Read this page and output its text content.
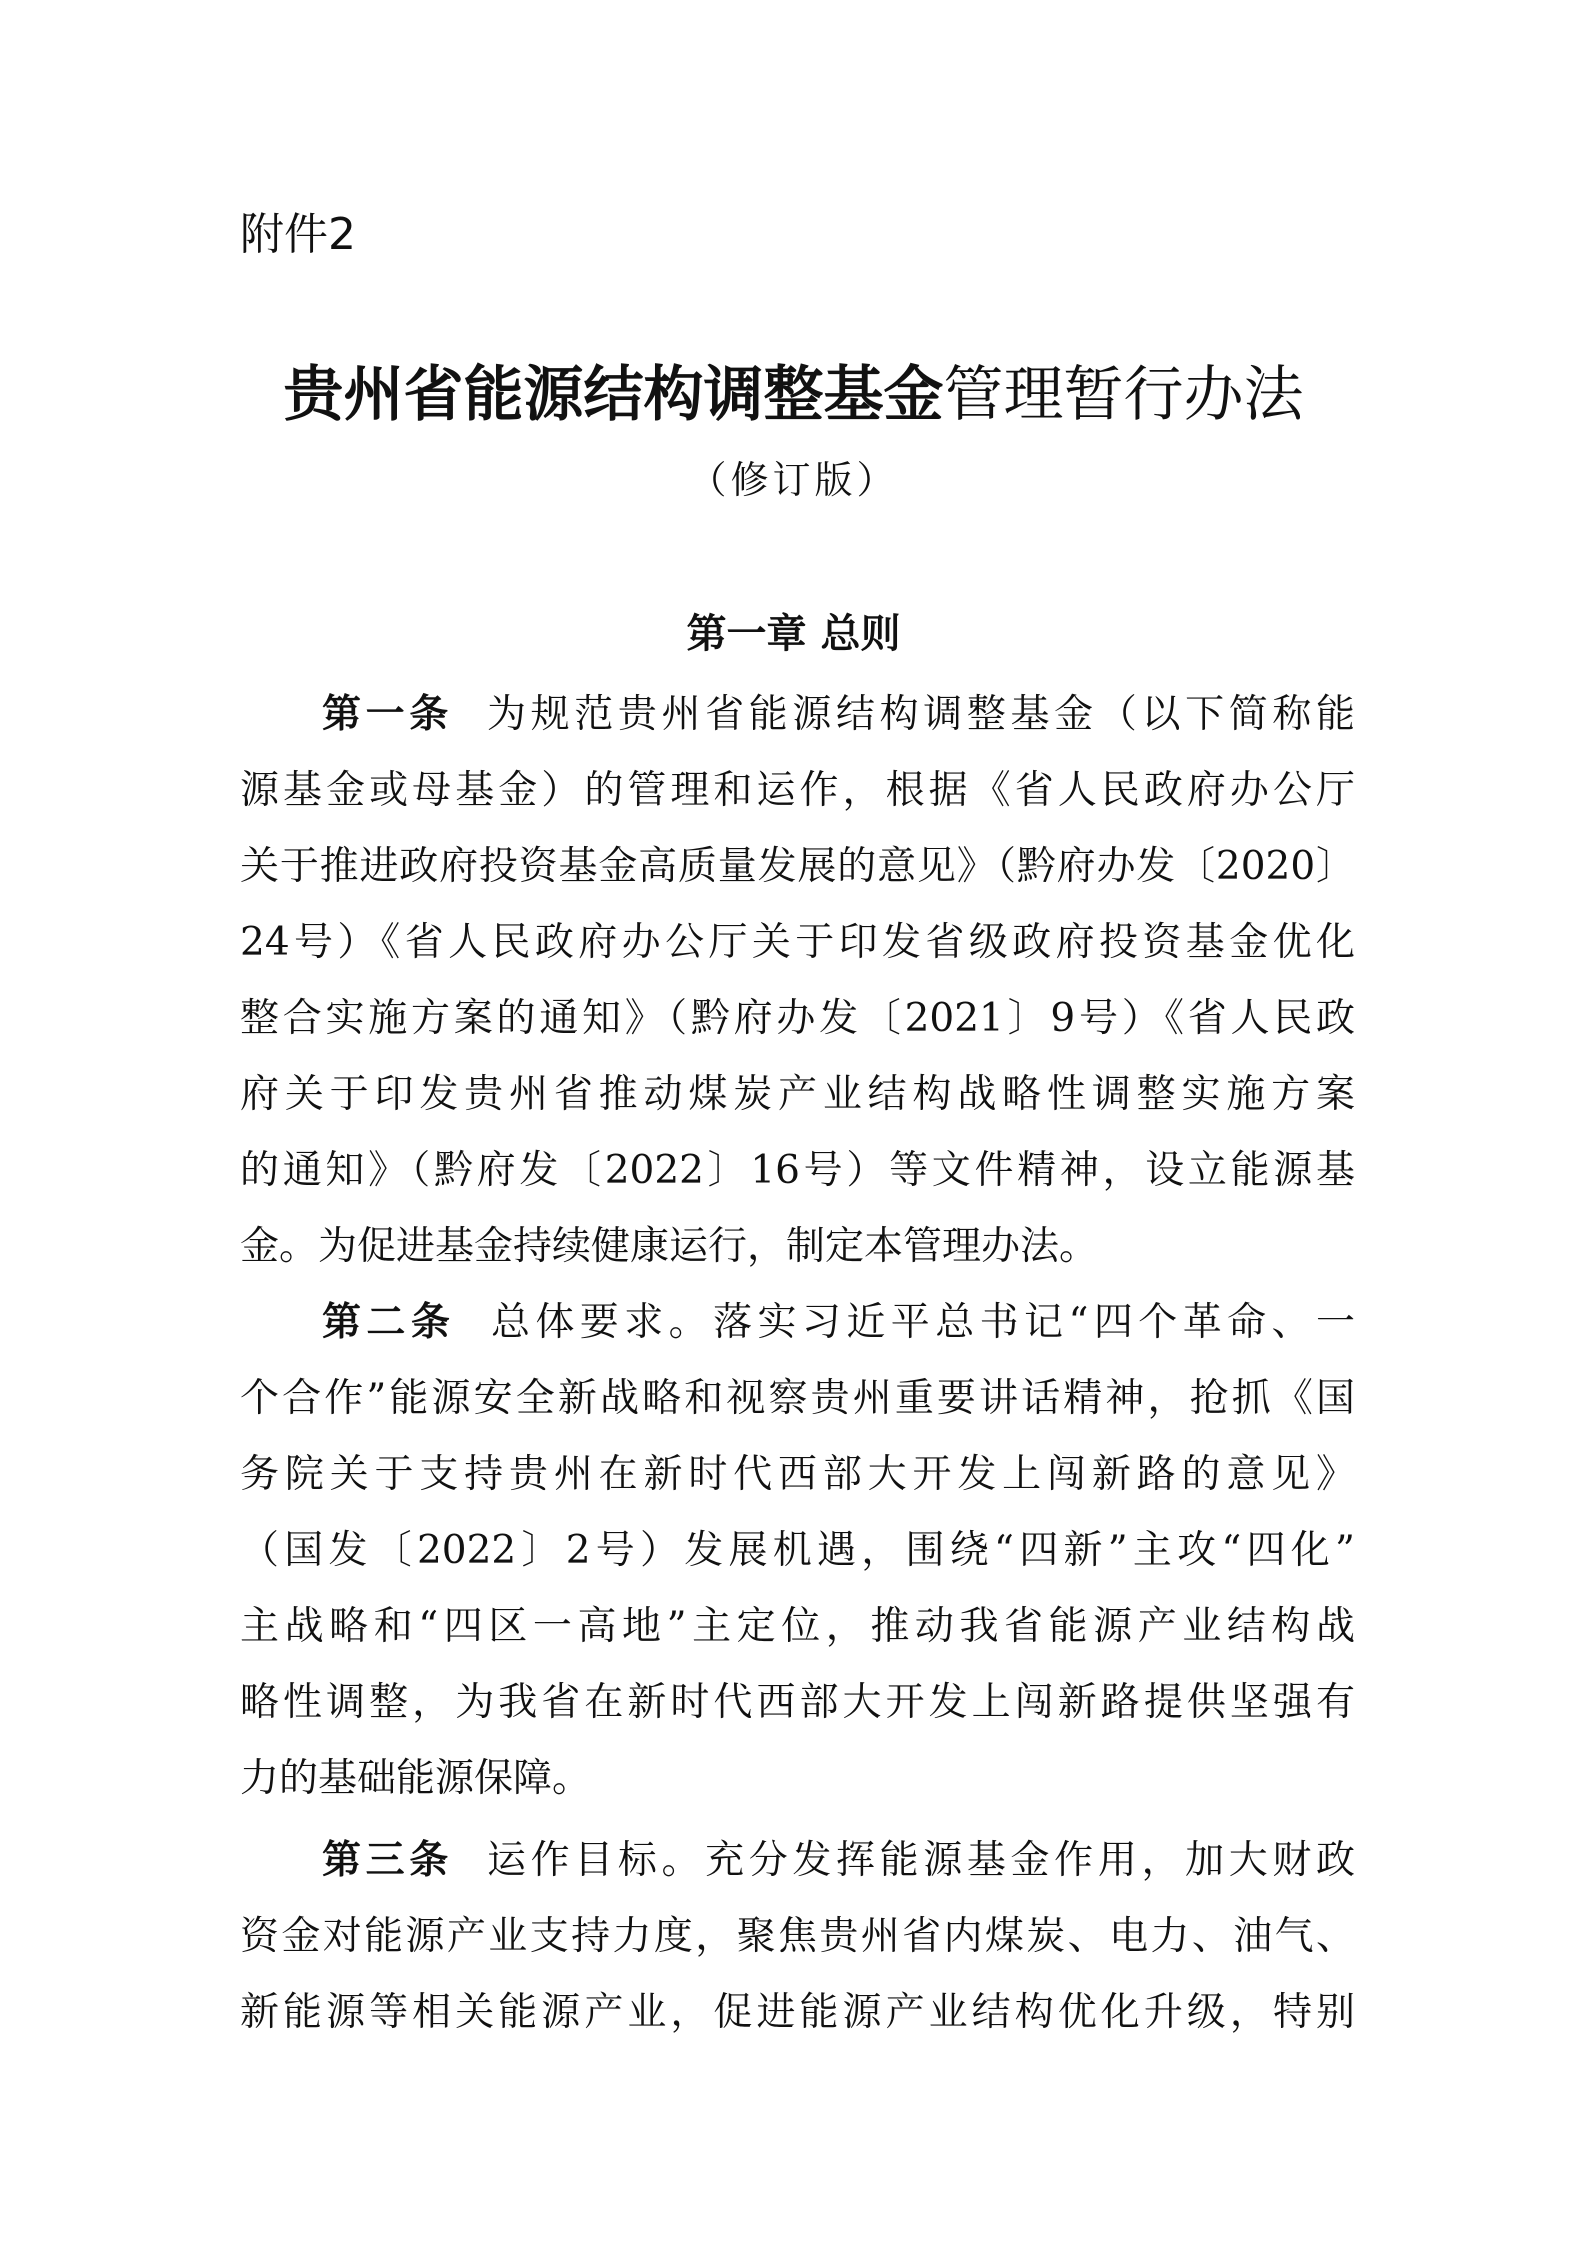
附件2
贵州省能源结构调整基金管理暂行办法
（修订版）
第一章 总则
第一条 为规范贵州省能源结构调整基金（以下简称能
源基金或母基金）的管理和运作，根据《省人民政府办公厅
关于推进政府投资基金高质量发展的意见》（黔府办发〔2020〕
24号）《省人民政府办公厅关于印发省级政府投资基金优化
整合实施方案的通知》（黔府办发〔2021〕9号）《省人民政
府关于印发贵州省推动煤炭产业结构战略性调整实施方案
的通知》（黔府发〔2022〕16号）等文件精神，设立能源基
金。为促进基金持续健康运行，制定本管理办法。
第二条 总体要求。落实习近平总书记“四个革命、一
个合作”能源安全新战略和视察贵州重要讲话精神，抢抓《国
务院关于支持贵州在新时代西部大开发上闯新路的意见》
（国发〔2022〕2号）发展机遇，围绕“四新”主攻“四化”
主战略和“四区一高地”主定位，推动我省能源产业结构战
略性调整，为我省在新时代西部大开发上闯新路提供坚强有
力的基础能源保障。
第三条 运作目标。充分发挥能源基金作用，加大财政
资金对能源产业支持力度，聚焦贵州省内煤炭、电力、油气、
新能源等相关能源产业，促进能源产业结构优化升级，特别
